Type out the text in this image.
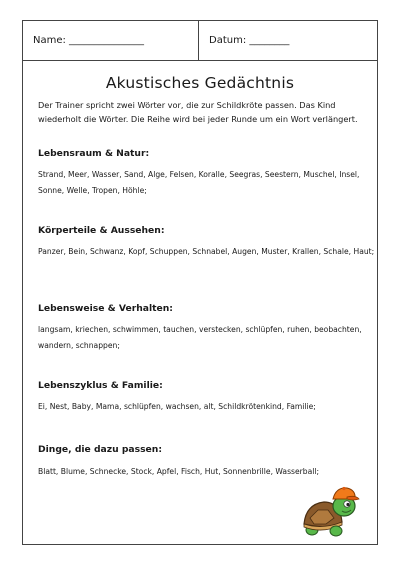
Name: _______________	Datum: ________
Akustisches Gedächtnis
Der Trainer spricht zwei Wörter vor, die zur Schildkröte passen. Das Kind wiederholt die Wörter. Die Reihe wird bei jeder Runde um ein Wort verlängert.
Lebensraum & Natur:
Strand, Meer, Wasser, Sand, Alge, Felsen, Koralle, Seegras, Seestern, Muschel, Insel, Sonne, Welle, Tropen, Höhle;
Körperteile & Aussehen:
Panzer, Bein, Schwanz, Kopf, Schuppen, Schnabel, Augen, Muster, Krallen, Schale, Haut;
Lebensweise & Verhalten:
langsam, kriechen, schwimmen, tauchen, verstecken, schlüpfen, ruhen, beobachten, wandern, schnappen;
Lebenszyklus & Familie:
Ei, Nest, Baby, Mama, schlüpfen, wachsen, alt, Schildkrötenkind, Familie;
Dinge, die dazu passen:
Blatt, Blume, Schnecke, Stock, Apfel, Fisch, Hut, Sonnenbrille, Wasserball;
